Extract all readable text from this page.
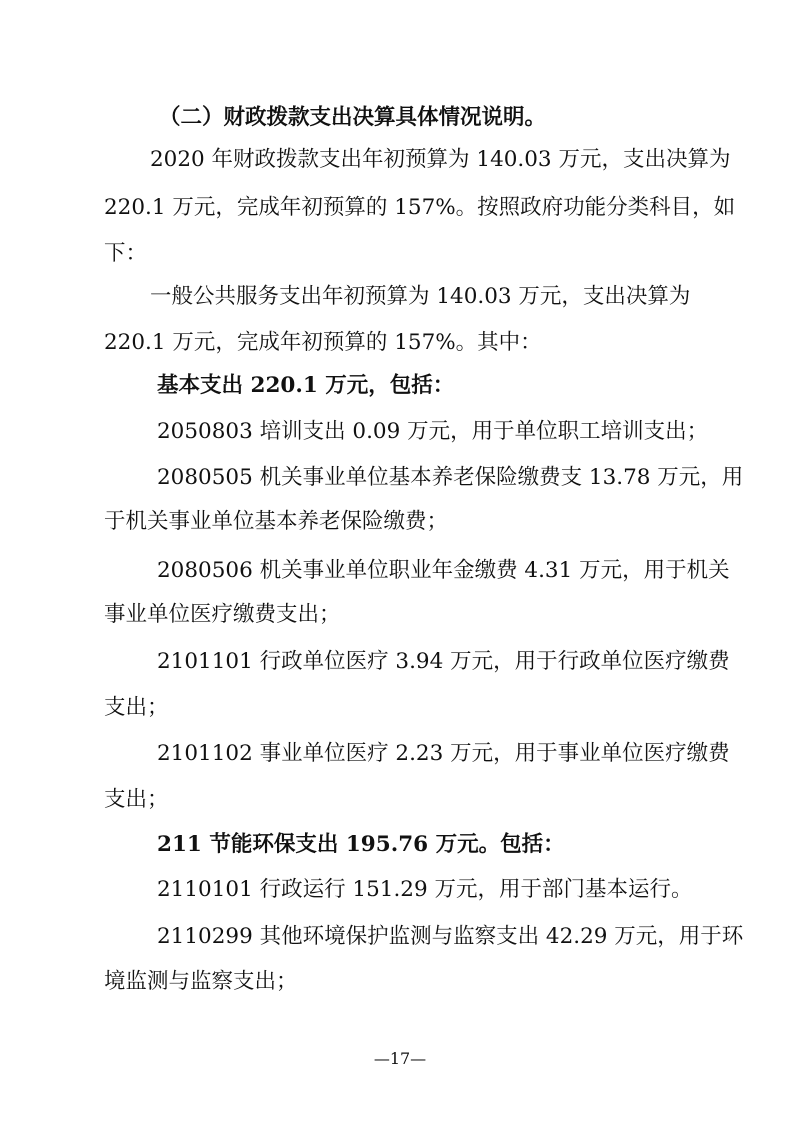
（二）财政拨款支出决算具体情况说明。
2020 年财政拨款支出年初预算为 140.03 万元，支出决算为
220.1 万元，完成年初预算的 157%。按照政府功能分类科目，如
下：
一般公共服务支出年初预算为 140.03 万元，支出决算为
220.1 万元，完成年初预算的 157%。其中：
基本支出 220.1 万元，包括：
2050803 培训支出 0.09 万元，用于单位职工培训支出；
2080505 机关事业单位基本养老保险缴费支 13.78 万元，用
于机关事业单位基本养老保险缴费；
2080506 机关事业单位职业年金缴费 4.31 万元，用于机关
事业单位医疗缴费支出；
2101101 行政单位医疗 3.94 万元，用于行政单位医疗缴费
支出；
2101102 事业单位医疗 2.23 万元，用于事业单位医疗缴费
支出；
211 节能环保支出 195.76 万元。包括：
2110101 行政运行 151.29 万元，用于部门基本运行。
2110299 其他环境保护监测与监察支出 42.29 万元，用于环
境监测与监察支出；
—17—
